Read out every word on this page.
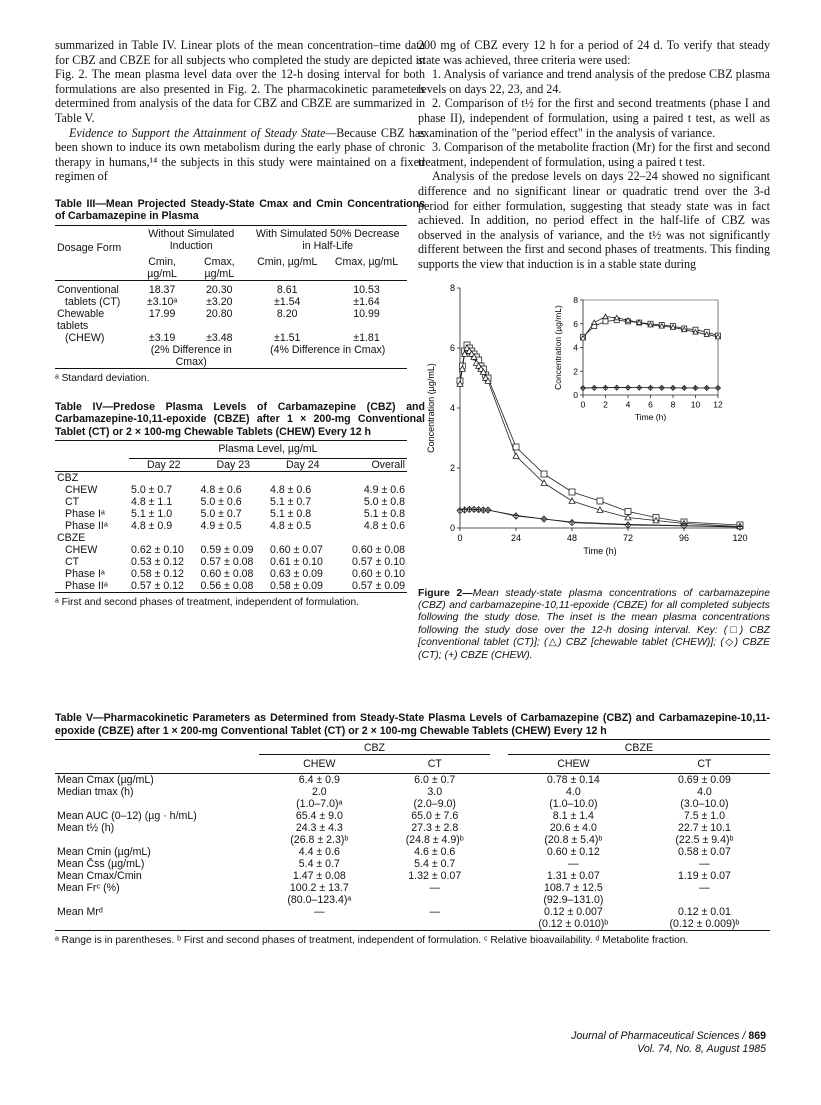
summarized in Table IV. Linear plots of the mean concentration–time data for CBZ and CBZE for all subjects who completed the study are depicted in Fig. 2. The mean plasma level data over the 12-h dosing interval for both formulations are also presented in Fig. 2. The pharmacokinetic parameters determined from analysis of the data for CBZ and CBZE are summarized in Table V.

Evidence to Support the Attainment of Steady State—Because CBZ has been shown to induce its own metabolism during the early phase of chronic therapy in humans,¹⁴ the subjects in this study were maintained on a fixed regimen of

Table III—Mean Projected Steady-State Cmax and Cmin Concentrations of Carbamazepine in Plasma

Dosage Form	Without Simulated Induction		With Simulated 50% Decrease in Half-Life	

	Cmin, µg/mL	Cmax, µg/mL	Cmin, µg/mL	Cmax, µg/mL

Conventional	18.37	20.30	8.61	10.53
tablets (CT)	±3.10ᵃ	±3.20	±1.54	±1.64
Chewable tablets	17.99	20.80	8.20	10.99
(CHEW)	±3.19	±3.48	±1.51	±1.81
	(2% Difference in Cmax)		(4% Difference in Cmax)	

ᵃ Standard deviation.

Table IV—Predose Plasma Levels of Carbamazepine (CBZ) and Carbamazepine-10,11-epoxide (CBZE) after 1 × 200-mg Conventional Tablet (CT) or 2 × 100-mg Chewable Tablets (CHEW) Every 12 h

	Plasma Level, µg/mL			

	Day 22	Day 23	Day 24	Overall
CBZ				
CHEW	5.0 ± 0.7	4.8 ± 0.6	4.8 ± 0.6	4.9 ± 0.6
CT	4.8 ± 1.1	5.0 ± 0.6	5.1 ± 0.7	5.0 ± 0.8
Phase Iᵃ	5.1 ± 1.0	5.0 ± 0.7	5.1 ± 0.8	5.1 ± 0.8
Phase IIᵃ	4.8 ± 0.9	4.9 ± 0.5	4.8 ± 0.5	4.8 ± 0.6
CBZE				
CHEW	0.62 ± 0.10	0.59 ± 0.09	0.60 ± 0.07	0.60 ± 0.08
CT	0.53 ± 0.12	0.57 ± 0.08	0.61 ± 0.10	0.57 ± 0.10
Phase Iᵃ	0.58 ± 0.12	0.60 ± 0.08	0.63 ± 0.09	0.60 ± 0.10
Phase IIᵃ	0.57 ± 0.12	0.56 ± 0.08	0.58 ± 0.09	0.57 ± 0.09

ᵃ First and second phases of treatment, independent of formulation.

200 mg of CBZ every 12 h for a period of 24 d. To verify that steady state was achieved, three criteria were used:

1. Analysis of variance and trend analysis of the predose CBZ plasma levels on days 22, 23, and 24.

2. Comparison of t½ for the first and second treatments (phase I and phase II), independent of formulation, using a paired t test, as well as examination of the "period effect" in the analysis of variance.

3. Comparison of the metabolite fraction (Mr) for the first and second treatment, independent of formulation, using a paired t test.

Analysis of the predose levels on days 22–24 showed no significant difference and no significant linear or quadratic trend over the 3-d period for either formulation, suggesting that steady state was in fact achieved. In addition, no period effect in the half-life of CBZ was observed in the analysis of variance, and the t½ was not significantly different between the first and second phases of treatments. This finding supports the view that induction is in a stable state during

0
2
4
6
8
0	24	48	72	96	120
Time (h)
Concentration (µg/mL)	0
2
4
6
8
0 2 4 6 8 10 12
Time (h)
Concentration (µg/mL)

Figure 2—Mean steady-state plasma concentrations of carbamazepine (CBZ) and carbamazepine-10,11-epoxide (CBZE) for all completed subjects following the study dose. The inset is the mean plasma concentrations following the study dose over the 12-h dosing interval. Key: (□) CBZ [conventional tablet (CT)]; (△) CBZ [chewable tablet (CHEW)]; (◇) CBZE (CT); (+) CBZE (CHEW).

Table V—Pharmacokinetic Parameters as Determined from Steady-State Plasma Levels of Carbamazepine (CBZ) and Carbamazepine-10,11-epoxide (CBZE) after 1 × 200-mg Conventional Tablet (CT) or 2 × 100-mg Chewable Tablets (CHEW) Every 12 h

	CBZ			CBZE	
	CHEW	CT		CHEW	CT
Mean Cmax (µg/mL)	6.4 ± 0.9	6.0 ± 0.7		0.78 ± 0.14	0.69 ± 0.09
Median tmax (h)	2.0	3.0		4.0	4.0
	(1.0–7.0)ᵃ	(2.0–9.0)		(1.0–10.0)	(3.0–10.0)
Mean AUC (0–12) (µg · h/mL)	65.4 ± 9.0	65.0 ± 7.6		8.1 ± 1.4	7.5 ± 1.0
Mean t½ (h)	24.3 ± 4.3	27.3 ± 2.8		20.6 ± 4.0	22.7 ± 10.1
	(26.8 ± 2.3)ᵇ	(24.8 ± 4.9)ᵇ		(20.8 ± 5.4)ᵇ	(22.5 ± 9.4)ᵇ
Mean Cmin (µg/mL)	4.4 ± 0.6	4.6 ± 0.6		0.60 ± 0.12	0.58 ± 0.07
Mean C̄ss (µg/mL)	5.4 ± 0.7	5.4 ± 0.7		—	—
Mean Cmax/Cmin	1.47 ± 0.08	1.32 ± 0.07		1.31 ± 0.07	1.19 ± 0.07
Mean Frᶜ (%)	100.2 ± 13.7	—		108.7 ± 12.5	—
	(80.0–123.4)ᵃ			(92.9–131.0)	
Mean Mrᵈ	—	—		0.12 ± 0.007	0.12 ± 0.01
				(0.12 ± 0.010)ᵇ	(0.12 ± 0.009)ᵇ

ᵃ Range is in parentheses. ᵇ First and second phases of treatment, independent of formulation. ᶜ Relative bioavailability. ᵈ Metabolite fraction.

Journal of Pharmaceutical Sciences / 869
Vol. 74, No. 8, August 1985
